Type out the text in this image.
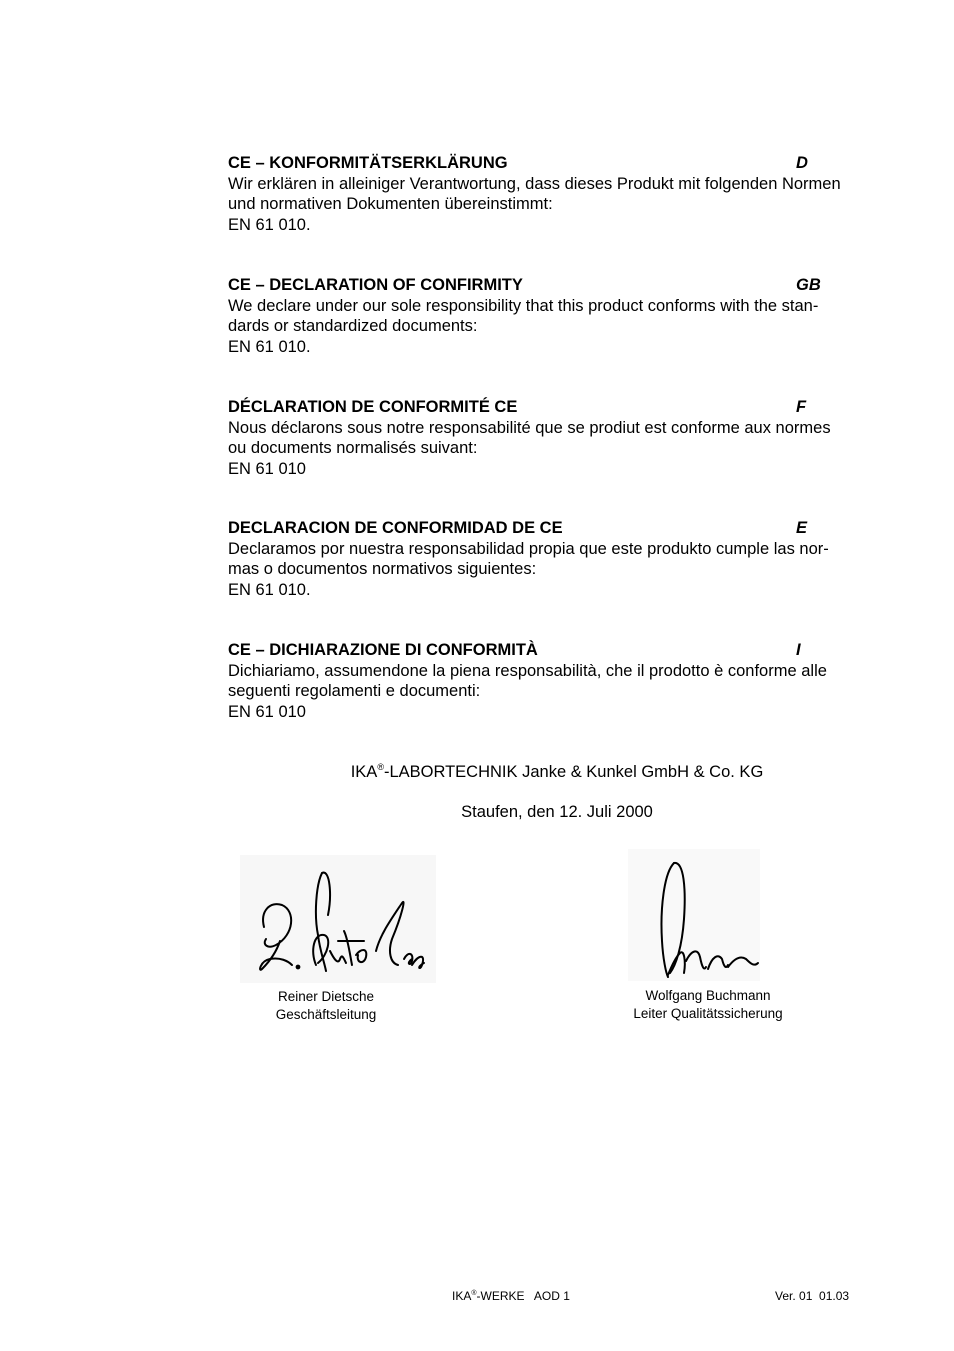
CE – KONFORMITÄTSERKLÄRUNG	D
Wir erklären in alleiniger Verantwortung, dass dieses Produkt mit folgenden Normen
und normativen Dokumenten übereinstimmt:
EN 61 010.
CE – DECLARATION OF CONFIRMITY	GB
We declare under our sole responsibility that this product conforms with the stan-
dards or standardized documents:
EN 61 010.
DÉCLARATION DE CONFORMITÉ CE	F
Nous déclarons sous notre responsabilité que se prodiut est conforme aux normes
ou documents normalisés suivant:
EN 61 010
DECLARACION DE CONFORMIDAD DE CE	E
Declaramos por nuestra responsabilidad propia que este produkto cumple las nor-
mas o documentos normativos siguientes:
EN 61 010.
CE – DICHIARAZIONE DI CONFORMITÀ	I
Dichiariamo, assumendone la piena responsabilità, che il prodotto è conforme alle
seguenti regolamenti e documenti:
EN 61 010
IKA®-LABORTECHNIK Janke & Kunkel GmbH & Co. KG
Staufen, den 12. Juli 2000
Reiner Dietsche
Geschäftsleitung
Wolfgang Buchmann
Leiter Qualitätssicherung
IKA®-WERKE   AOD 1	Ver. 01  01.03
